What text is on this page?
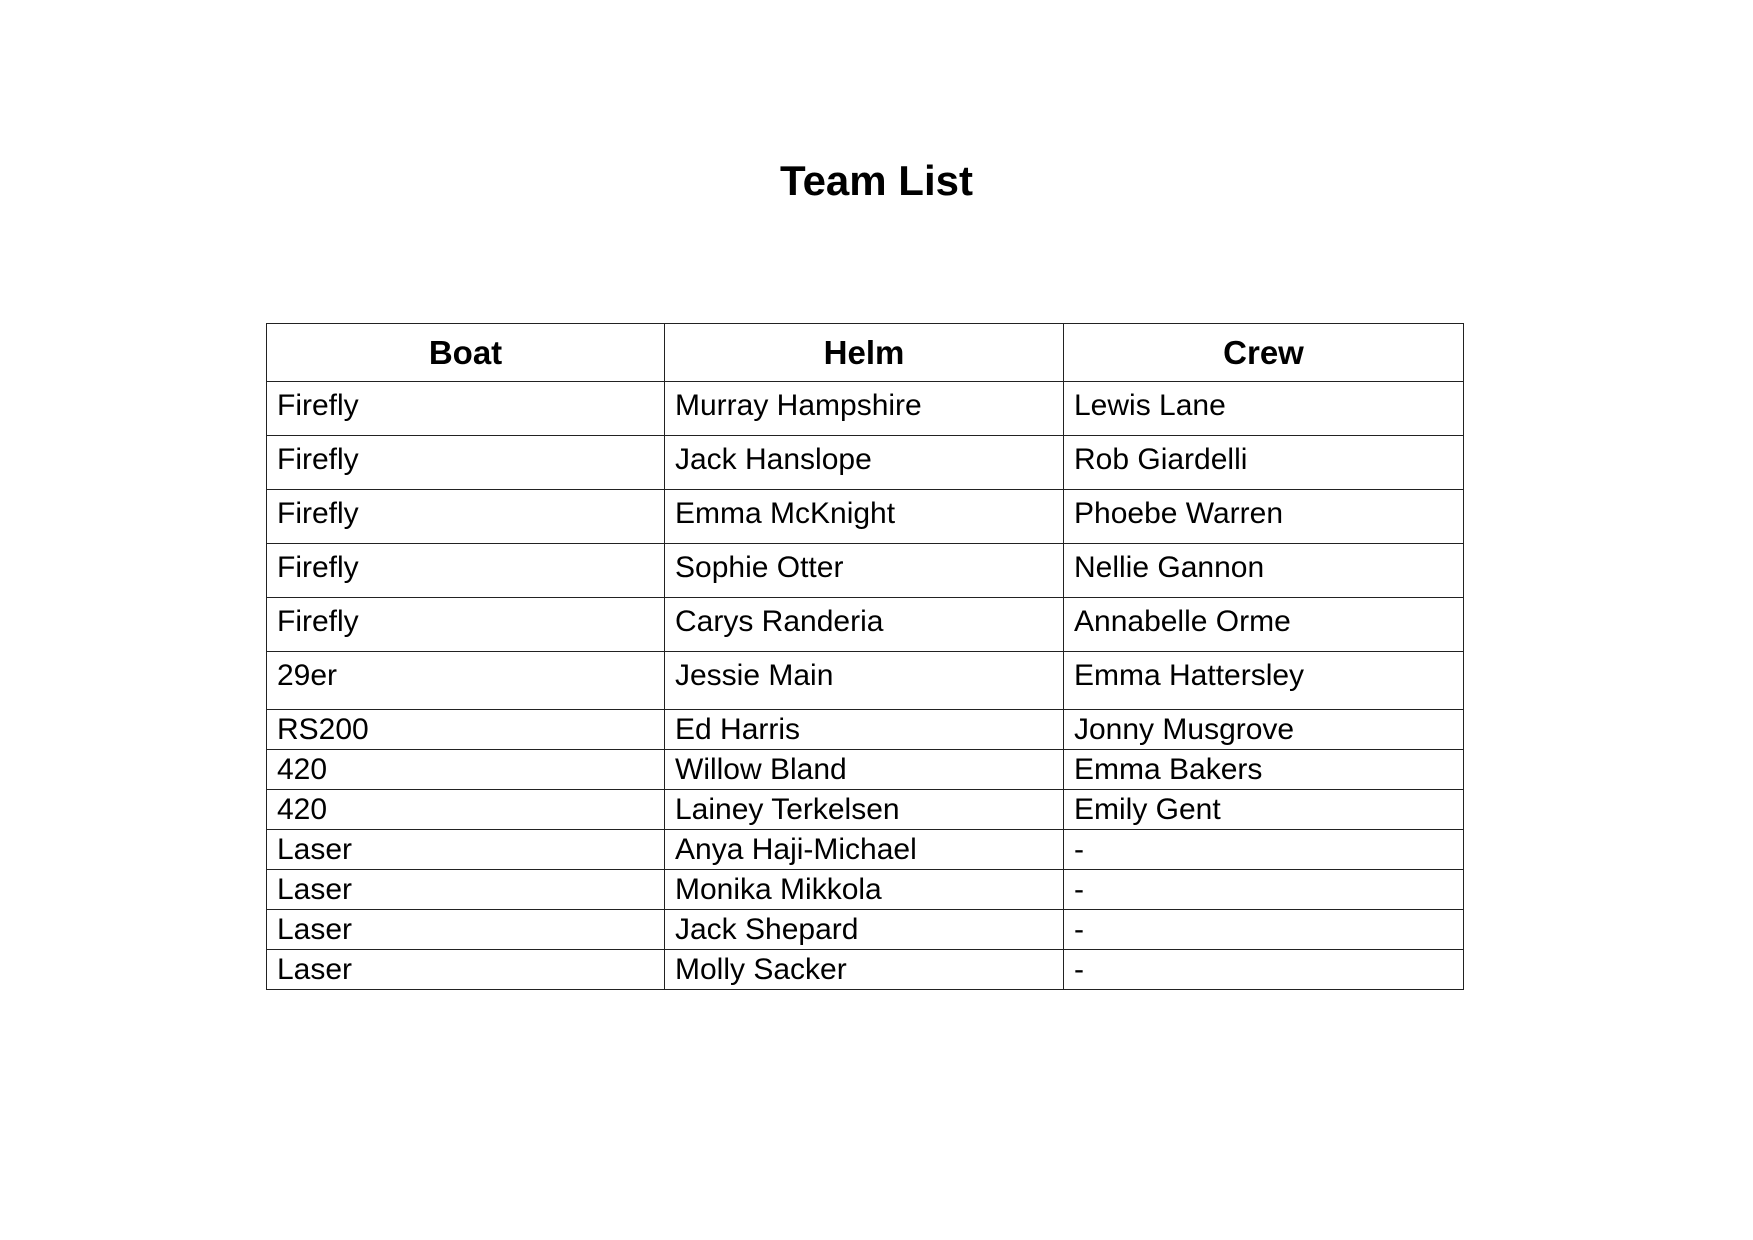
Team List
Boat	Helm	Crew
Firefly	Murray Hampshire	Lewis Lane
Firefly	Jack Hanslope	Rob Giardelli
Firefly	Emma McKnight	Phoebe Warren
Firefly	Sophie Otter	Nellie Gannon
Firefly	Carys Randeria	Annabelle Orme
29er	Jessie Main	Emma Hattersley
RS200	Ed Harris	Jonny Musgrove
420	Willow Bland	Emma Bakers
420	Lainey Terkelsen	Emily Gent
Laser	Anya Haji-Michael	-
Laser	Monika Mikkola	-
Laser	Jack Shepard	-
Laser	Molly Sacker	-
